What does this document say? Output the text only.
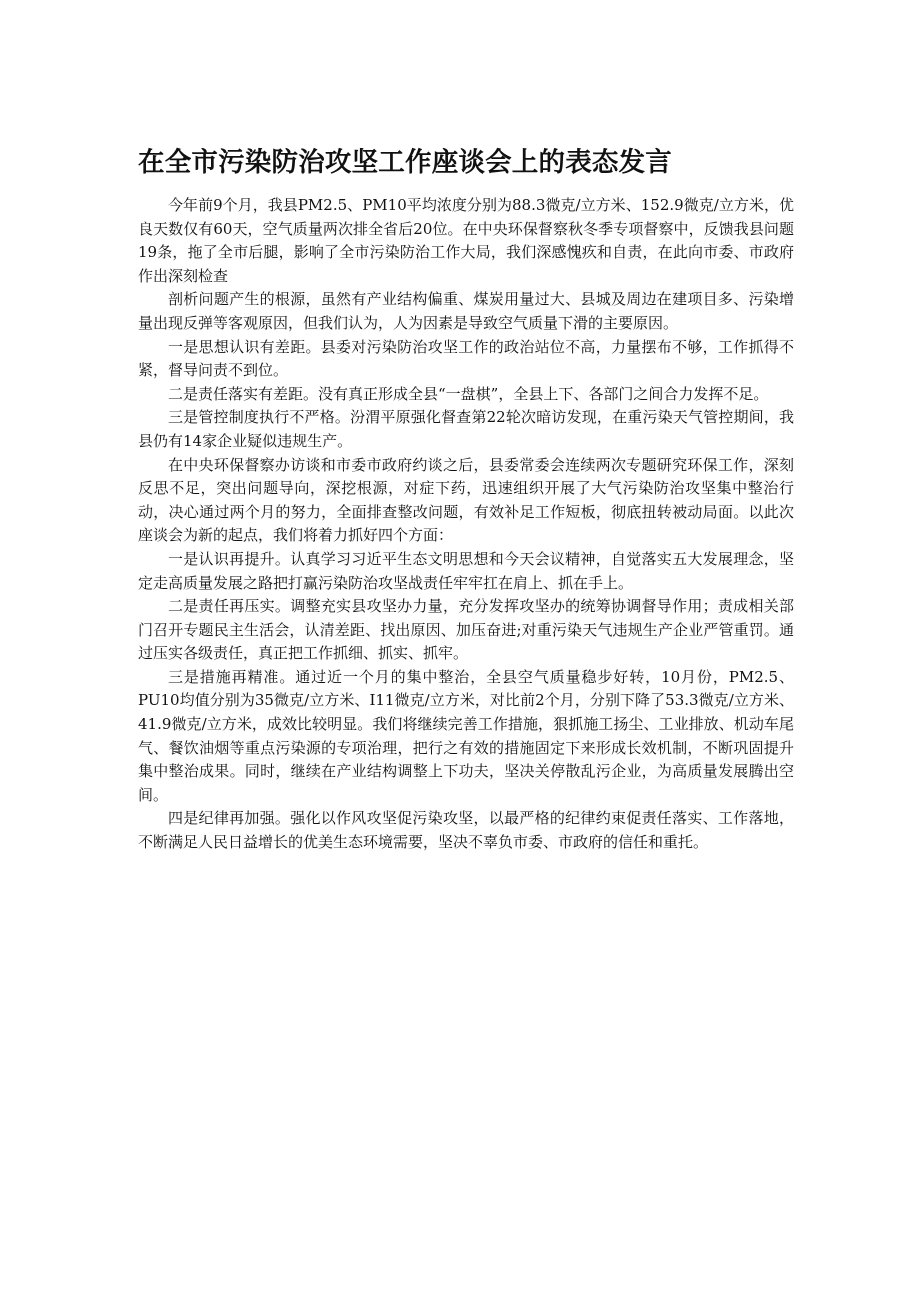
在全市污染防治攻坚工作座谈会上的表态发言

今年前9个月，我县PM2.5、PM10平均浓度分别为88.3微克/立方米、152.9微克/立方米，优良天数仅有60天，空气质量两次排全省后20位。在中央环保督察秋冬季专项督察中，反馈我县问题19条，拖了全市后腿，影响了全市污染防治工作大局，我们深感愧疚和自责，在此向市委、市政府作出深刻检查

剖析问题产生的根源，虽然有产业结构偏重、煤炭用量过大、县城及周边在建项目多、污染增量出现反弹等客观原因，但我们认为，人为因素是导致空气质量下滑的主要原因。

一是思想认识有差距。县委对污染防治攻坚工作的政治站位不高，力量摆布不够，工作抓得不紧，督导问责不到位。

二是责任落实有差距。没有真正形成全县“一盘棋”，全县上下、各部门之间合力发挥不足。

三是管控制度执行不严格。汾渭平原强化督查第22轮次暗访发现，在重污染天气管控期间，我县仍有14家企业疑似违规生产。

在中央环保督察办访谈和市委市政府约谈之后，县委常委会连续两次专题研究环保工作，深刻反思不足，突出问题导向，深挖根源，对症下药，迅速组织开展了大气污染防治攻坚集中整治行动，决心通过两个月的努力，全面排查整改问题，有效补足工作短板，彻底扭转被动局面。以此次座谈会为新的起点，我们将着力抓好四个方面：

一是认识再提升。认真学习习近平生态文明思想和今天会议精神，自觉落实五大发展理念，坚定走高质量发展之路把打赢污染防治攻坚战责任牢牢扛在肩上、抓在手上。

二是责任再压实。调整充实县攻坚办力量，充分发挥攻坚办的统筹协调督导作用；责成相关部门召开专题民主生活会，认清差距、找出原因、加压奋进;对重污染天气违规生产企业严管重罚。通过压实各级责任，真正把工作抓细、抓实、抓牢。

三是措施再精准。通过近一个月的集中整治，全县空气质量稳步好转，10月份，PM2.5、PU10均值分别为35微克/立方米、I11微克/立方米，对比前2个月，分别下降了53.3微克/立方米、41.9微克/立方米，成效比较明显。我们将继续完善工作措施，狠抓施工扬尘、工业排放、机动车尾气、餐饮油烟等重点污染源的专项治理，把行之有效的措施固定下来形成长效机制，不断巩固提升集中整治成果。同时，继续在产业结构调整上下功夫，坚决关停散乱污企业，为高质量发展腾出空间。

四是纪律再加强。强化以作风攻坚促污染攻坚，以最严格的纪律约束促责任落实、工作落地，不断满足人民日益增长的优美生态环境需要，坚决不辜负市委、市政府的信任和重托。
